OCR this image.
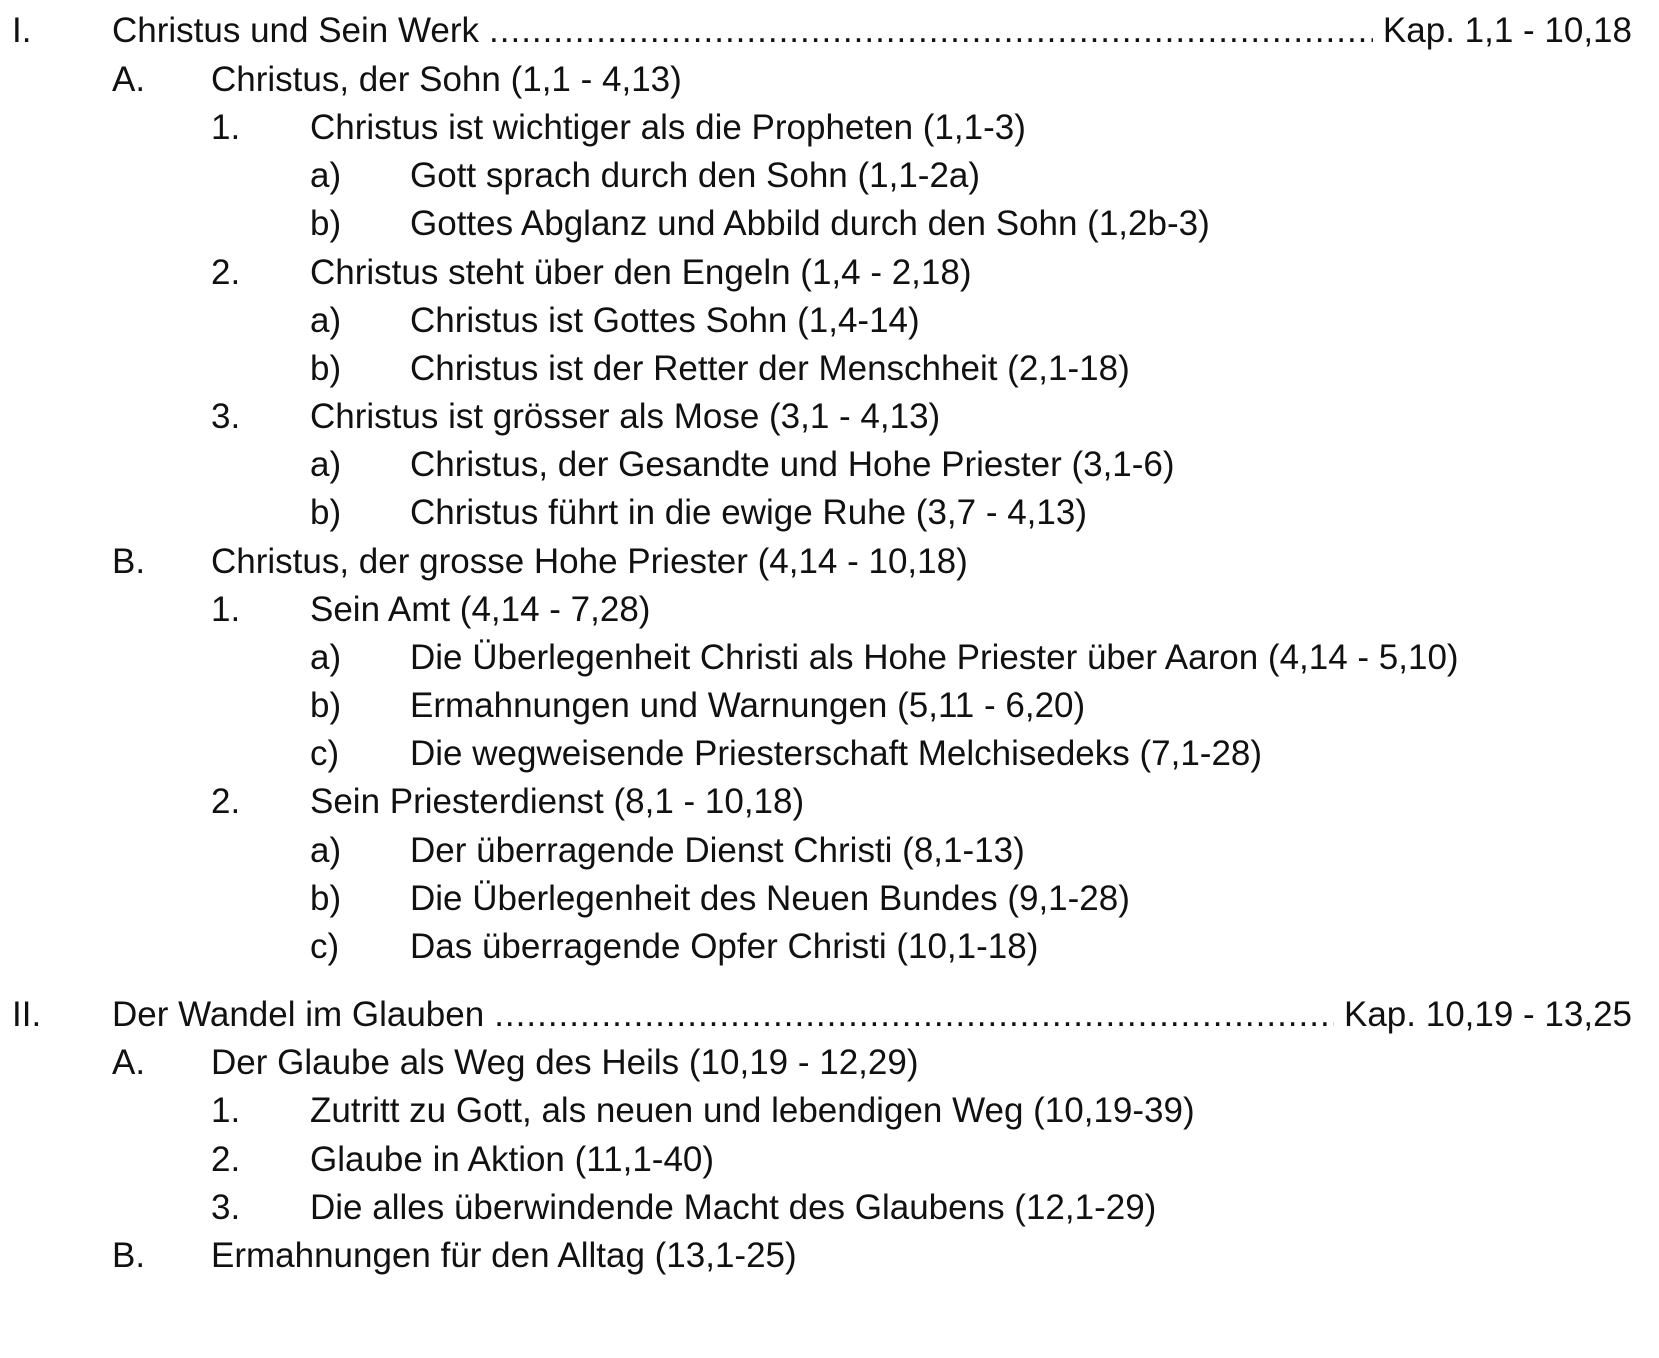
I. Christus und Sein Werk .....	Kap. 1,1 - 10,18
A. Christus, der Sohn (1,1 - 4,13)
1. Christus ist wichtiger als die Propheten (1,1-3)
a) Gott sprach durch den Sohn (1,1-2a)
b) Gottes Abglanz und Abbild durch den Sohn (1,2b-3)
2. Christus steht über den Engeln (1,4 - 2,18)
a) Christus ist Gottes Sohn (1,4-14)
b) Christus ist der Retter der Menschheit (2,1-18)
3. Christus ist grösser als Mose (3,1 - 4,13)
a) Christus, der Gesandte und Hohe Priester (3,1-6)
b) Christus führt in die ewige Ruhe (3,7 - 4,13)
B. Christus, der grosse Hohe Priester (4,14 - 10,18)
1. Sein Amt (4,14 - 7,28)
a) Die Überlegenheit Christi als Hohe Priester über Aaron (4,14 - 5,10)
b) Ermahnungen und Warnungen (5,11 - 6,20)
c) Die wegweisende Priesterschaft Melchisedeks (7,1-28)
2. Sein Priesterdienst (8,1 - 10,18)
a) Der überragende Dienst Christi (8,1-13)
b) Die Überlegenheit des Neuen Bundes (9,1-28)
c) Das überragende Opfer Christi (10,1-18)
II. Der Wandel im Glauben .....	Kap. 10,19 - 13,25
A. Der Glaube als Weg des Heils (10,19 - 12,29)
1. Zutritt zu Gott, als neuen und lebendigen Weg (10,19-39)
2. Glaube in Aktion (11,1-40)
3. Die alles überwindende Macht des Glaubens (12,1-29)
B. Ermahnungen für den Alltag (13,1-25)
